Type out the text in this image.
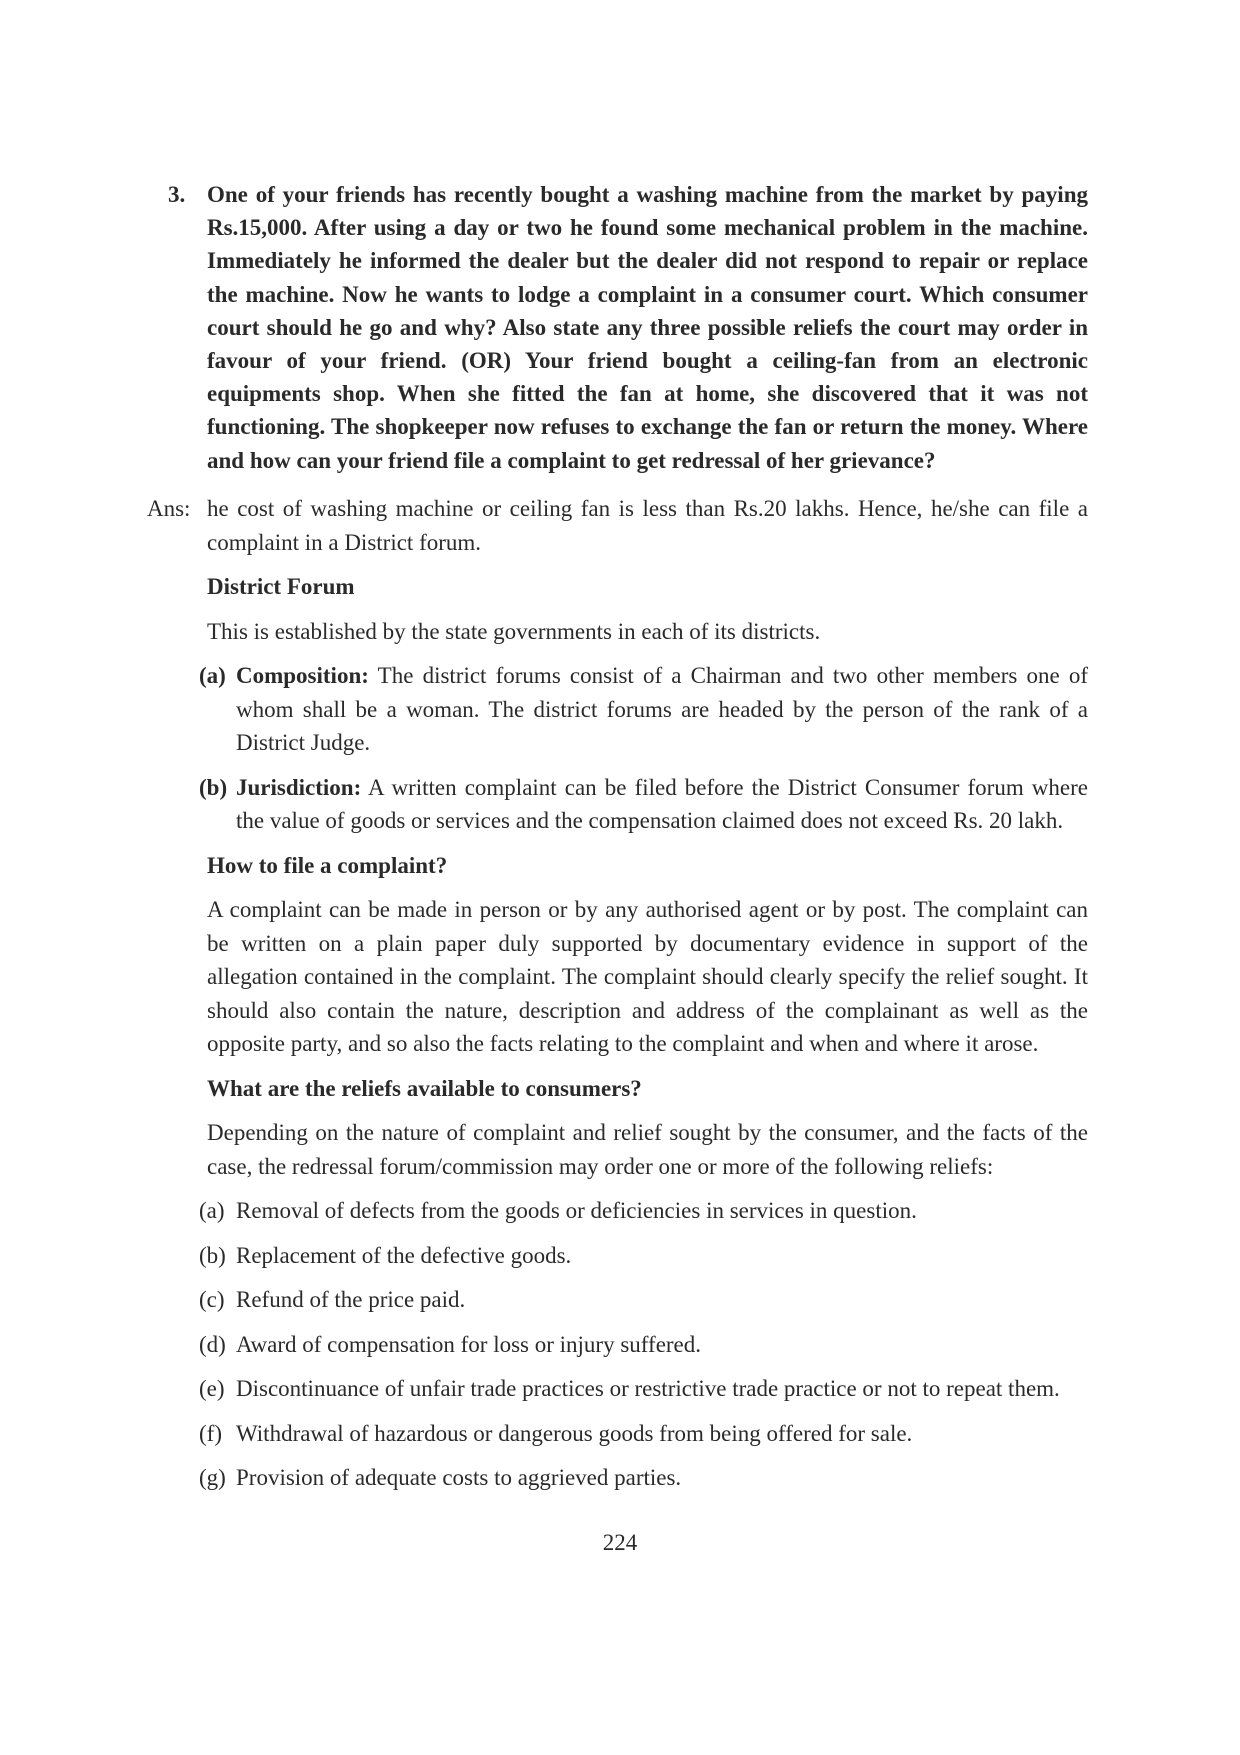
3. One of your friends has recently bought a washing machine from the market by paying Rs.15,000. After using a day or two he found some mechanical problem in the machine. Immediately he informed the dealer but the dealer did not respond to repair or replace the machine. Now he wants to lodge a complaint in a consumer court. Which consumer court should he go and why? Also state any three possible reliefs the court may order in favour of your friend. (OR) Your friend bought a ceiling-fan from an electronic equipments shop. When she fitted the fan at home, she discovered that it was not functioning. The shopkeeper now refuses to exchange the fan or return the money. Where and how can your friend file a complaint to get redressal of her grievance?
Ans: he cost of washing machine or ceiling fan is less than Rs.20 lakhs. Hence, he/she can file a complaint in a District forum.

District Forum

This is established by the state governments in each of its districts.

(a) Composition: The district forums consist of a Chairman and two other members one of whom shall be a woman. The district forums are headed by the person of the rank of a District Judge.
(b) Jurisdiction: A written complaint can be filed before the District Consumer forum where the value of goods or services and the compensation claimed does not exceed Rs. 20 lakh.

How to file a complaint?

A complaint can be made in person or by any authorised agent or by post. The complaint can be written on a plain paper duly supported by documentary evidence in support of the allegation contained in the complaint. The complaint should clearly specify the relief sought. It should also contain the nature, description and address of the complainant as well as the opposite party, and so also the facts relating to the complaint and when and where it arose.

What are the reliefs available to consumers?

Depending on the nature of complaint and relief sought by the consumer, and the facts of the case, the redressal forum/commission may order one or more of the following reliefs:

(a) Removal of defects from the goods or deficiencies in services in question.
(b) Replacement of the defective goods.
(c) Refund of the price paid.
(d) Award of compensation for loss or injury suffered.
(e) Discontinuance of unfair trade practices or restrictive trade practice or not to repeat them.
(f) Withdrawal of hazardous or dangerous goods from being offered for sale.
(g) Provision of adequate costs to aggrieved parties.
224
